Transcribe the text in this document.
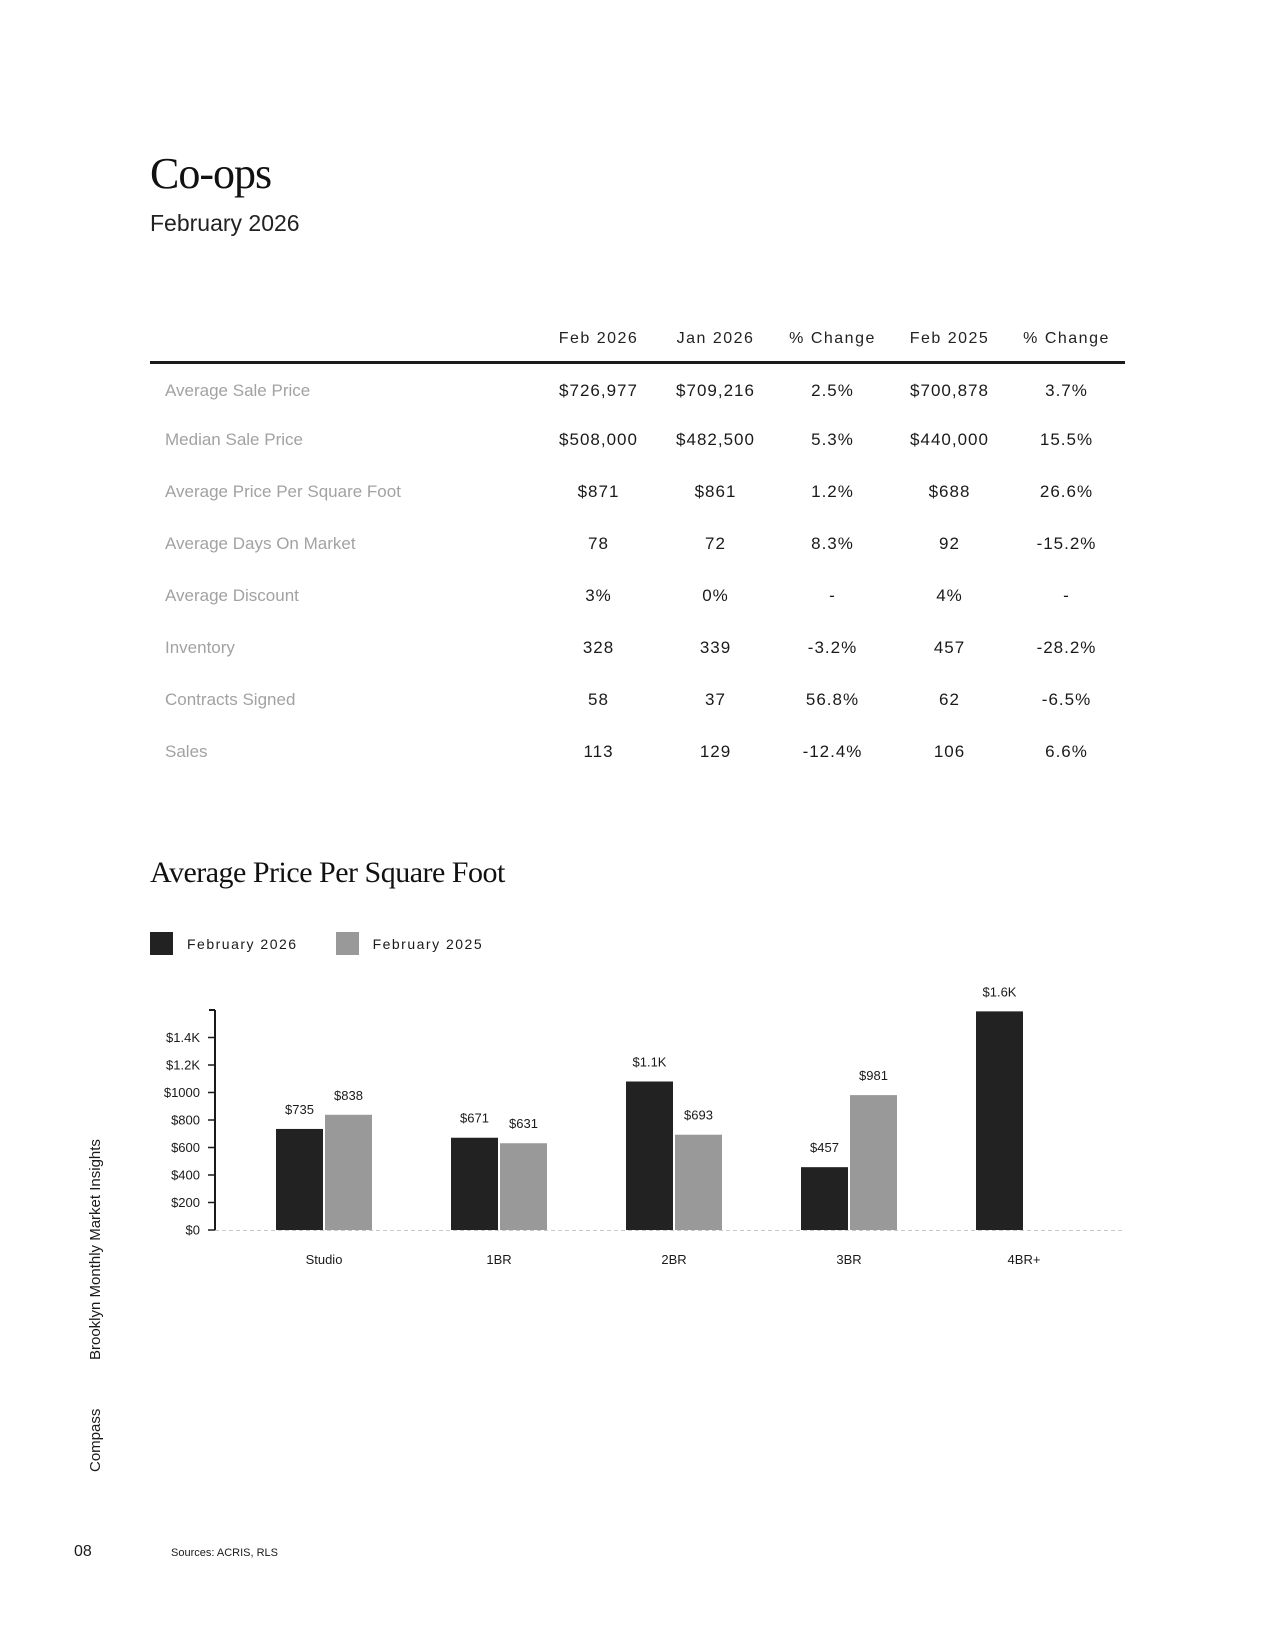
Co-ops
February 2026
	Feb 2026	Jan 2026	% Change	Feb 2025	% Change
Average Sale Price	$726,977	$709,216	2.5%	$700,878	3.7%
Median Sale Price	$508,000	$482,500	5.3%	$440,000	15.5%
Average Price Per Square Foot	$871	$861	1.2%	$688	26.6%
Average Days On Market	78	72	8.3%	92	-15.2%
Average Discount	3%	0%	-	4%	-
Inventory	328	339	-3.2%	457	-28.2%
Contracts Signed	58	37	56.8%	62	-6.5%
Sales	113	129	-12.4%	106	6.6%
Average Price Per Square Foot
February 2026	February 2025
$0
$200
$400
$600
$800
$1000
$1.2K
$1.4K
$735
$838
Studio
$671 $631
1BR
$1.1K
$693
2BR
$457
$981
3BR
$1.6K
4BR+
Brooklyn Monthly Market Insights
Compass
08	Sources: ACRIS, RLS
